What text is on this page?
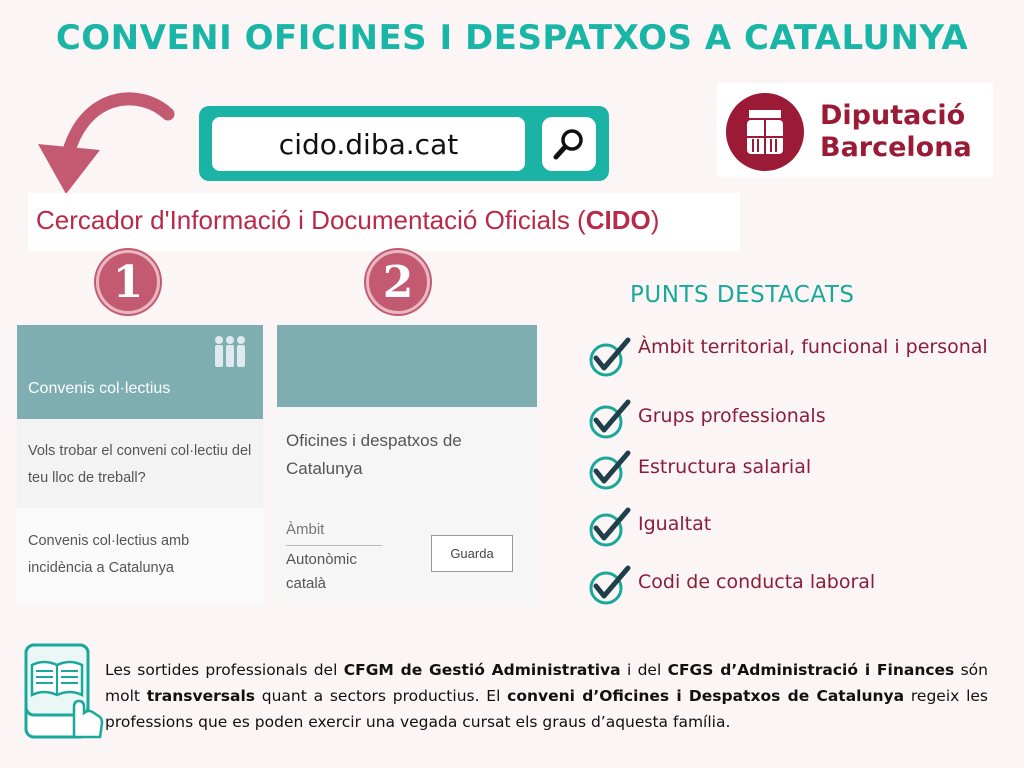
CONVENI OFICINES I DESPATXOS A CATALUNYA
cido.diba.cat
Diputació
Barcelona
Cercador d'Informació i Documentació Oficials (CIDO)
1	2
Convenis col·lectius
Vols trobar el conveni col·lectiu del teu lloc de treball?
Convenis col·lectius amb incidència a Catalunya
Oficines i despatxos de Catalunya
Àmbit
Autonòmic català
Guarda
PUNTS DESTACATS
Àmbit territorial, funcional i personal
Grups professionals
Estructura salarial
Igualtat
Codi de conducta laboral
Les sortides professionals del CFGM de Gestió Administrativa i del CFGS d’Administració i Finances són molt transversals quant a sectors productius. El conveni d’Oficines i Despatxos de Catalunya regeix les professions que es poden exercir una vegada cursat els graus d’aquesta família.
